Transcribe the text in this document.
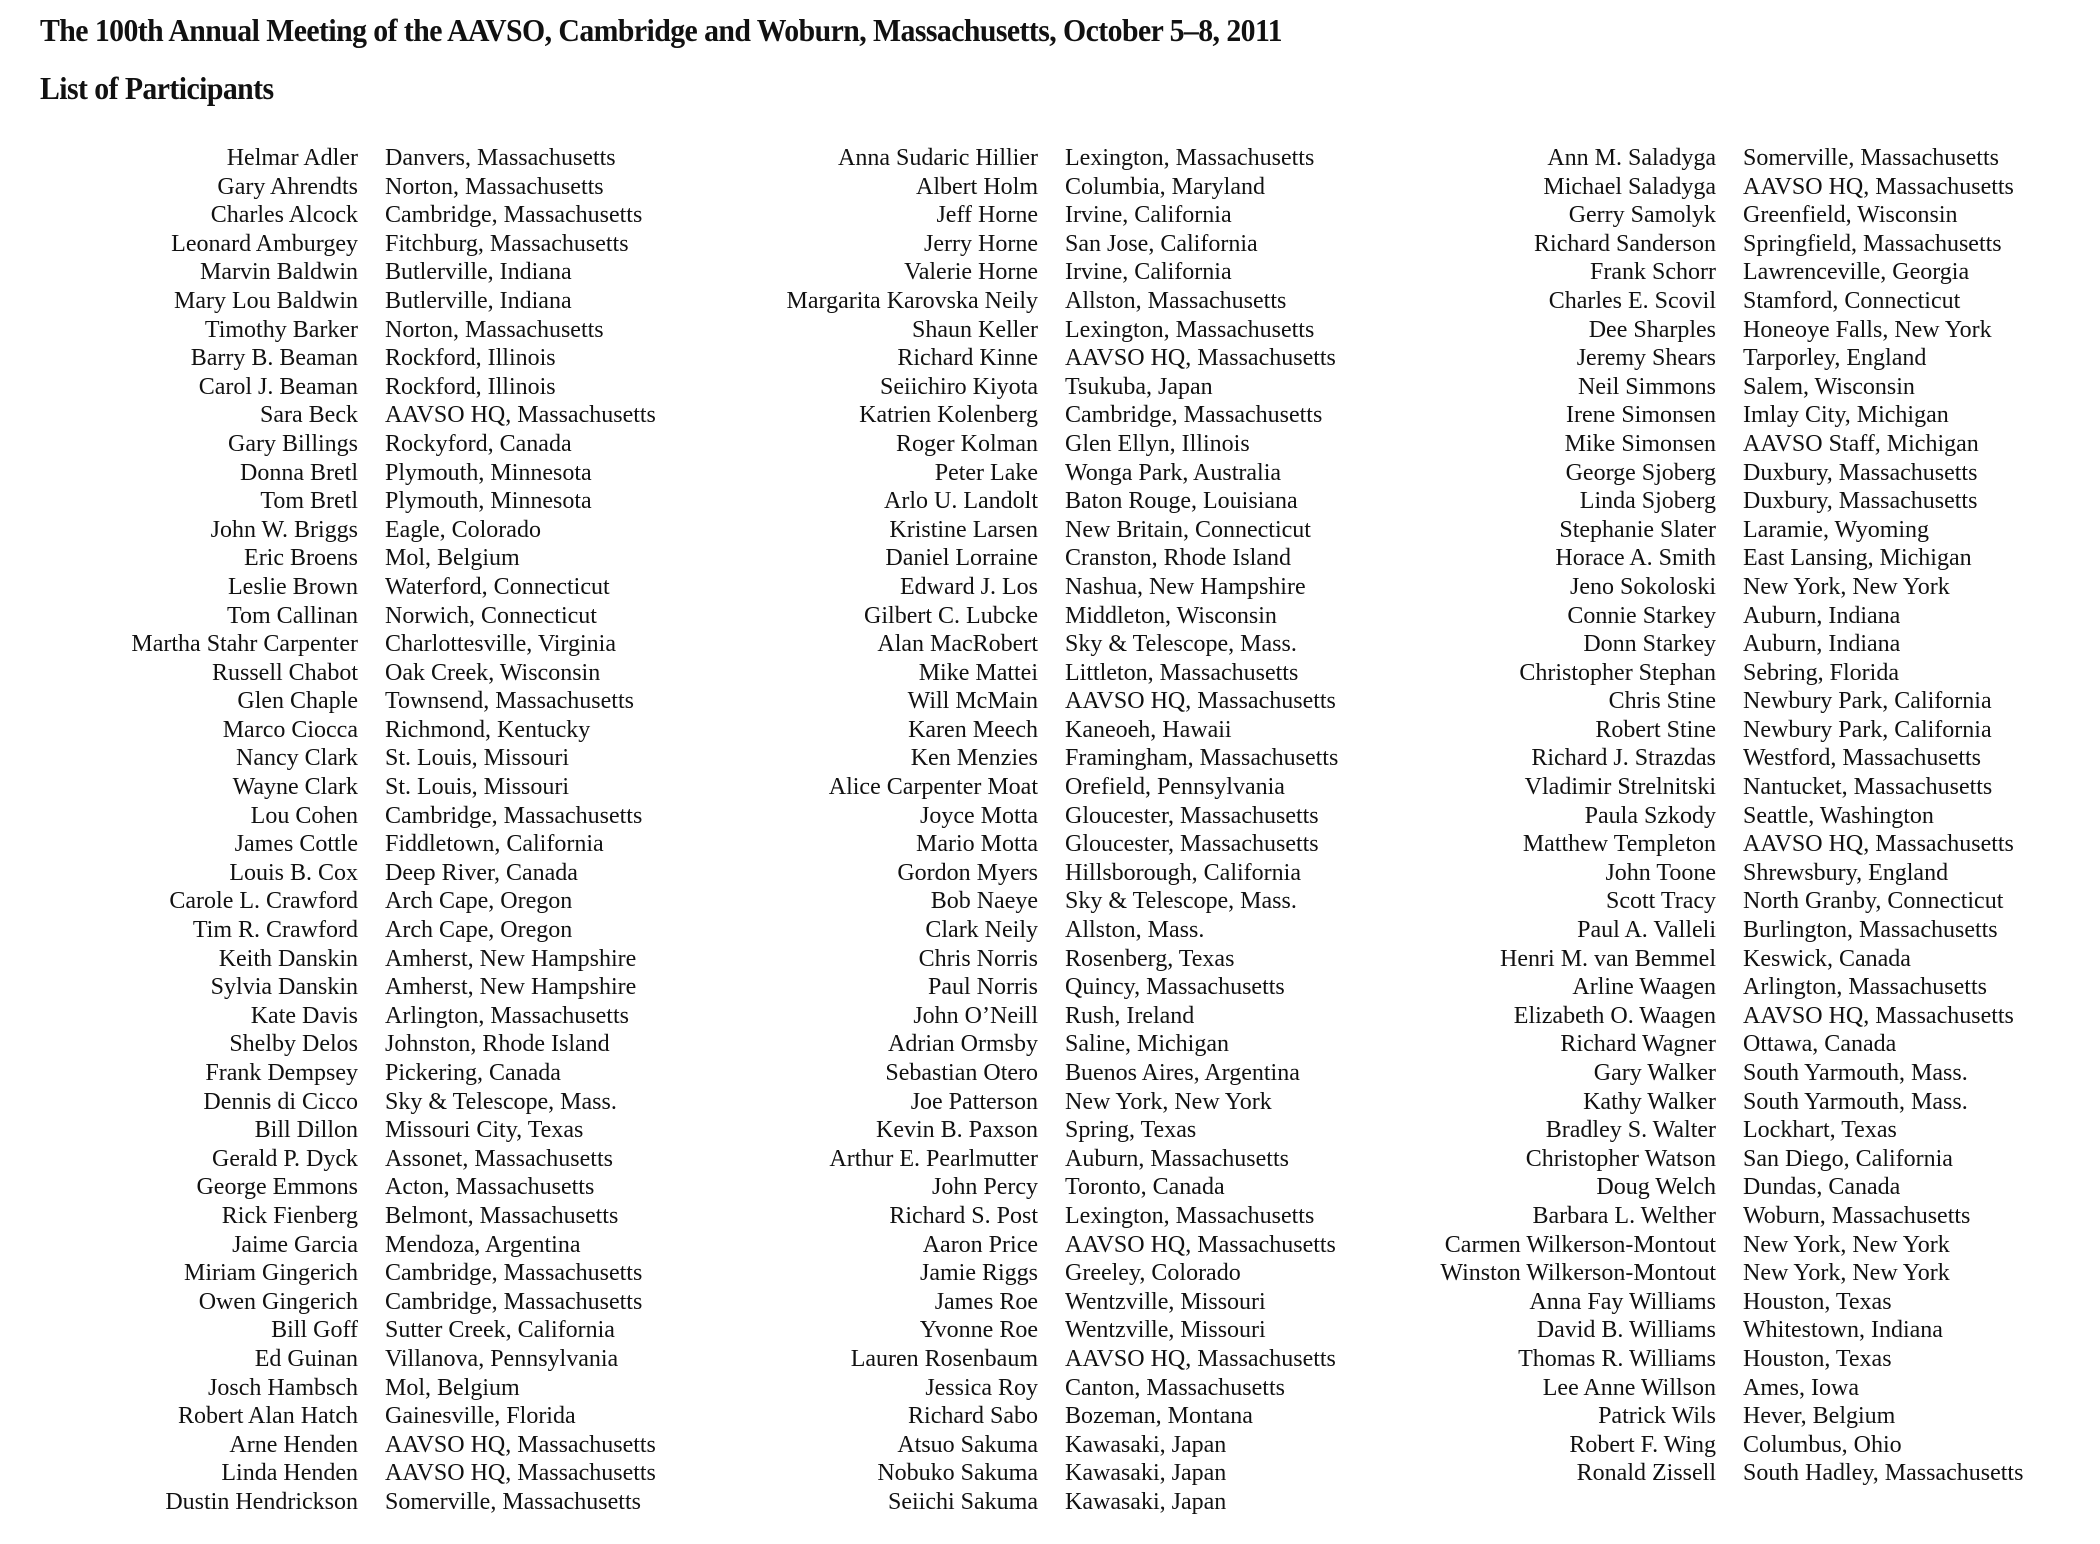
The 100th Annual Meeting of the AAVSO, Cambridge and Woburn, Massachusetts, October 5–8, 2011
List of Participants
Helmar Adler Danvers, Massachusetts
Gary Ahrendts Norton, Massachusetts
Charles Alcock Cambridge, Massachusetts
Leonard Amburgey Fitchburg, Massachusetts
Marvin Baldwin Butlerville, Indiana
Mary Lou Baldwin Butlerville, Indiana
Timothy Barker Norton, Massachusetts
Barry B. Beaman Rockford, Illinois
Carol J. Beaman Rockford, Illinois
Sara Beck AAVSO HQ, Massachusetts
Gary Billings Rockyford, Canada
Donna Bretl Plymouth, Minnesota
Tom Bretl Plymouth, Minnesota
John W. Briggs Eagle, Colorado
Eric Broens Mol, Belgium
Leslie Brown Waterford, Connecticut
Tom Callinan Norwich, Connecticut
Martha Stahr Carpenter Charlottesville, Virginia
Russell Chabot Oak Creek, Wisconsin
Glen Chaple Townsend, Massachusetts
Marco Ciocca Richmond, Kentucky
Nancy Clark St. Louis, Missouri
Wayne Clark St. Louis, Missouri
Lou Cohen Cambridge, Massachusetts
James Cottle Fiddletown, California
Louis B. Cox Deep River, Canada
Carole L. Crawford Arch Cape, Oregon
Tim R. Crawford Arch Cape, Oregon
Keith Danskin Amherst, New Hampshire
Sylvia Danskin Amherst, New Hampshire
Kate Davis Arlington, Massachusetts
Shelby Delos Johnston, Rhode Island
Frank Dempsey Pickering, Canada
Dennis di Cicco Sky & Telescope, Mass.
Bill Dillon Missouri City, Texas
Gerald P. Dyck Assonet, Massachusetts
George Emmons Acton, Massachusetts
Rick Fienberg Belmont, Massachusetts
Jaime Garcia Mendoza, Argentina
Miriam Gingerich Cambridge, Massachusetts
Owen Gingerich Cambridge, Massachusetts
Bill Goff Sutter Creek, California
Ed Guinan Villanova, Pennsylvania
Josch Hambsch Mol, Belgium
Robert Alan Hatch Gainesville, Florida
Arne Henden AAVSO HQ, Massachusetts
Linda Henden AAVSO HQ, Massachusetts
Dustin Hendrickson Somerville, Massachusetts
Anna Sudaric Hillier Lexington, Massachusetts
Albert Holm Columbia, Maryland
Jeff Horne Irvine, California
Jerry Horne San Jose, California
Valerie Horne Irvine, California
Margarita Karovska Neily Allston, Massachusetts
Shaun Keller Lexington, Massachusetts
Richard Kinne AAVSO HQ, Massachusetts
Seiichiro Kiyota Tsukuba, Japan
Katrien Kolenberg Cambridge, Massachusetts
Roger Kolman Glen Ellyn, Illinois
Peter Lake Wonga Park, Australia
Arlo U. Landolt Baton Rouge, Louisiana
Kristine Larsen New Britain, Connecticut
Daniel Lorraine Cranston, Rhode Island
Edward J. Los Nashua, New Hampshire
Gilbert C. Lubcke Middleton, Wisconsin
Alan MacRobert Sky & Telescope, Mass.
Mike Mattei Littleton, Massachusetts
Will McMain AAVSO HQ, Massachusetts
Karen Meech Kaneoeh, Hawaii
Ken Menzies Framingham, Massachusetts
Alice Carpenter Moat Orefield, Pennsylvania
Joyce Motta Gloucester, Massachusetts
Mario Motta Gloucester, Massachusetts
Gordon Myers Hillsborough, California
Bob Naeye Sky & Telescope, Mass.
Clark Neily Allston, Mass.
Chris Norris Rosenberg, Texas
Paul Norris Quincy, Massachusetts
John O’Neill Rush, Ireland
Adrian Ormsby Saline, Michigan
Sebastian Otero Buenos Aires, Argentina
Joe Patterson New York, New York
Kevin B. Paxson Spring, Texas
Arthur E. Pearlmutter Auburn, Massachusetts
John Percy Toronto, Canada
Richard S. Post Lexington, Massachusetts
Aaron Price AAVSO HQ, Massachusetts
Jamie Riggs Greeley, Colorado
James Roe Wentzville, Missouri
Yvonne Roe Wentzville, Missouri
Lauren Rosenbaum AAVSO HQ, Massachusetts
Jessica Roy Canton, Massachusetts
Richard Sabo Bozeman, Montana
Atsuo Sakuma Kawasaki, Japan
Nobuko Sakuma Kawasaki, Japan
Seiichi Sakuma Kawasaki, Japan
Ann M. Saladyga Somerville, Massachusetts
Michael Saladyga AAVSO HQ, Massachusetts
Gerry Samolyk Greenfield, Wisconsin
Richard Sanderson Springfield, Massachusetts
Frank Schorr Lawrenceville, Georgia
Charles E. Scovil Stamford, Connecticut
Dee Sharples Honeoye Falls, New York
Jeremy Shears Tarporley, England
Neil Simmons Salem, Wisconsin
Irene Simonsen Imlay City, Michigan
Mike Simonsen AAVSO Staff, Michigan
George Sjoberg Duxbury, Massachusetts
Linda Sjoberg Duxbury, Massachusetts
Stephanie Slater Laramie, Wyoming
Horace A. Smith East Lansing, Michigan
Jeno Sokoloski New York, New York
Connie Starkey Auburn, Indiana
Donn Starkey Auburn, Indiana
Christopher Stephan Sebring, Florida
Chris Stine Newbury Park, California
Robert Stine Newbury Park, California
Richard J. Strazdas Westford, Massachusetts
Vladimir Strelnitski Nantucket, Massachusetts
Paula Szkody Seattle, Washington
Matthew Templeton AAVSO HQ, Massachusetts
John Toone Shrewsbury, England
Scott Tracy North Granby, Connecticut
Paul A. Valleli Burlington, Massachusetts
Henri M. van Bemmel Keswick, Canada
Arline Waagen Arlington, Massachusetts
Elizabeth O. Waagen AAVSO HQ, Massachusetts
Richard Wagner Ottawa, Canada
Gary Walker South Yarmouth, Mass.
Kathy Walker South Yarmouth, Mass.
Bradley S. Walter Lockhart, Texas
Christopher Watson San Diego, California
Doug Welch Dundas, Canada
Barbara L. Welther Woburn, Massachusetts
Carmen Wilkerson-Montout New York, New York
Winston Wilkerson-Montout New York, New York
Anna Fay Williams Houston, Texas
David B. Williams Whitestown, Indiana
Thomas R. Williams Houston, Texas
Lee Anne Willson Ames, Iowa
Patrick Wils Hever, Belgium
Robert F. Wing Columbus, Ohio
Ronald Zissell South Hadley, Massachusetts
